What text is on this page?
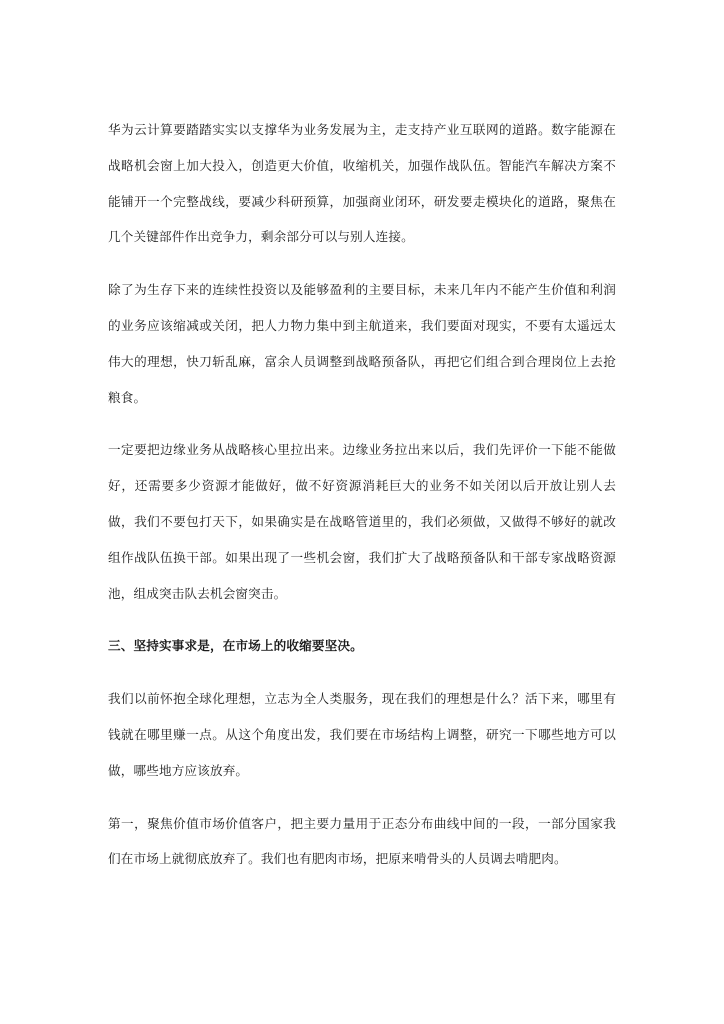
华为云计算要踏踏实实以支撑华为业务发展为主，走支持产业互联网的道路。数字能源在战略机会窗上加大投入，创造更大价值，收缩机关，加强作战队伍。智能汽车解决方案不能铺开一个完整战线，要减少科研预算，加强商业闭环，研发要走模块化的道路，聚焦在几个关键部件作出竞争力，剩余部分可以与别人连接。

除了为生存下来的连续性投资以及能够盈利的主要目标，未来几年内不能产生价值和利润的业务应该缩减或关闭，把人力物力集中到主航道来，我们要面对现实，不要有太遥远太伟大的理想，快刀斩乱麻，富余人员调整到战略预备队，再把它们组合到合理岗位上去抢粮食。

一定要把边缘业务从战略核心里拉出来。边缘业务拉出来以后，我们先评价一下能不能做好，还需要多少资源才能做好，做不好资源消耗巨大的业务不如关闭以后开放让别人去做，我们不要包打天下，如果确实是在战略管道里的，我们必须做，又做得不够好的就改组作战队伍换干部。如果出现了一些机会窗，我们扩大了战略预备队和干部专家战略资源池，组成突击队去机会窗突击。

三、坚持实事求是，在市场上的收缩要坚决。

我们以前怀抱全球化理想，立志为全人类服务，现在我们的理想是什么？活下来，哪里有钱就在哪里赚一点。从这个角度出发，我们要在市场结构上调整，研究一下哪些地方可以做，哪些地方应该放弃。

第一，聚焦价值市场价值客户，把主要力量用于正态分布曲线中间的一段，一部分国家我们在市场上就彻底放弃了。我们也有肥肉市场，把原来啃骨头的人员调去啃肥肉。
